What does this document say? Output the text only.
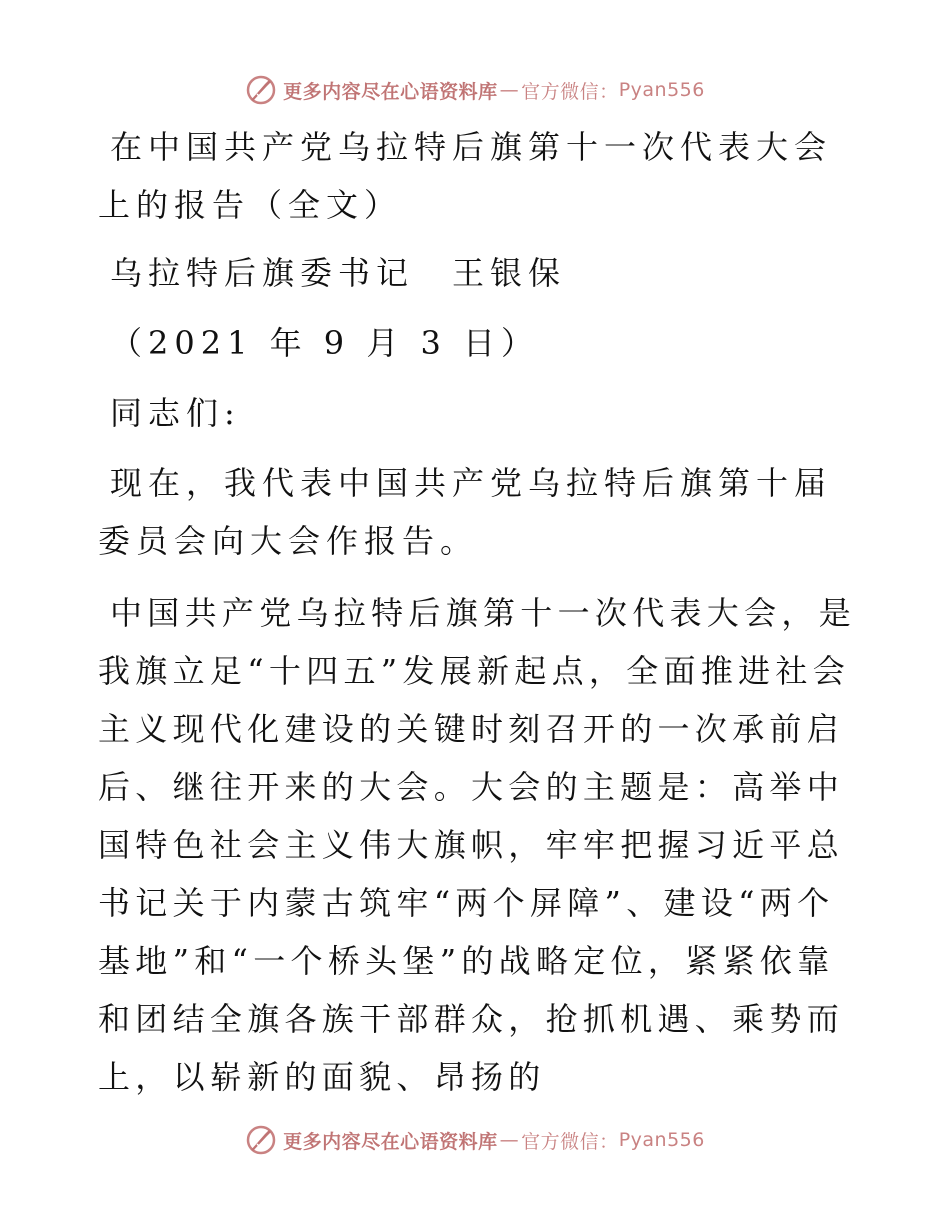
更多内容尽在心语资料库 — 官方微信： Pyan556

在中国共产党乌拉特后旗第十一次代表大会上的报告（全文）

乌拉特后旗委书记　王银保

（2021 年 9 月 3 日）

同志们:

现在，我代表中国共产党乌拉特后旗第十届委员会向大会作报告。

中国共产党乌拉特后旗第十一次代表大会，是我旗立足“十四五”发展新起点，全面推进社会主义现代化建设的关键时刻召开的一次承前启后、继往开来的大会。大会的主题是：高举中国特色社会主义伟大旗帜，牢牢把握习近平总书记关于内蒙古筑牢“两个屏障”、建设“两个基地”和“一个桥头堡”的战略定位，紧紧依靠和团结全旗各族干部群众，抢抓机遇、乘势而上，以崭新的面貌、昂扬的

更多内容尽在心语资料库 — 官方微信： Pyan556
